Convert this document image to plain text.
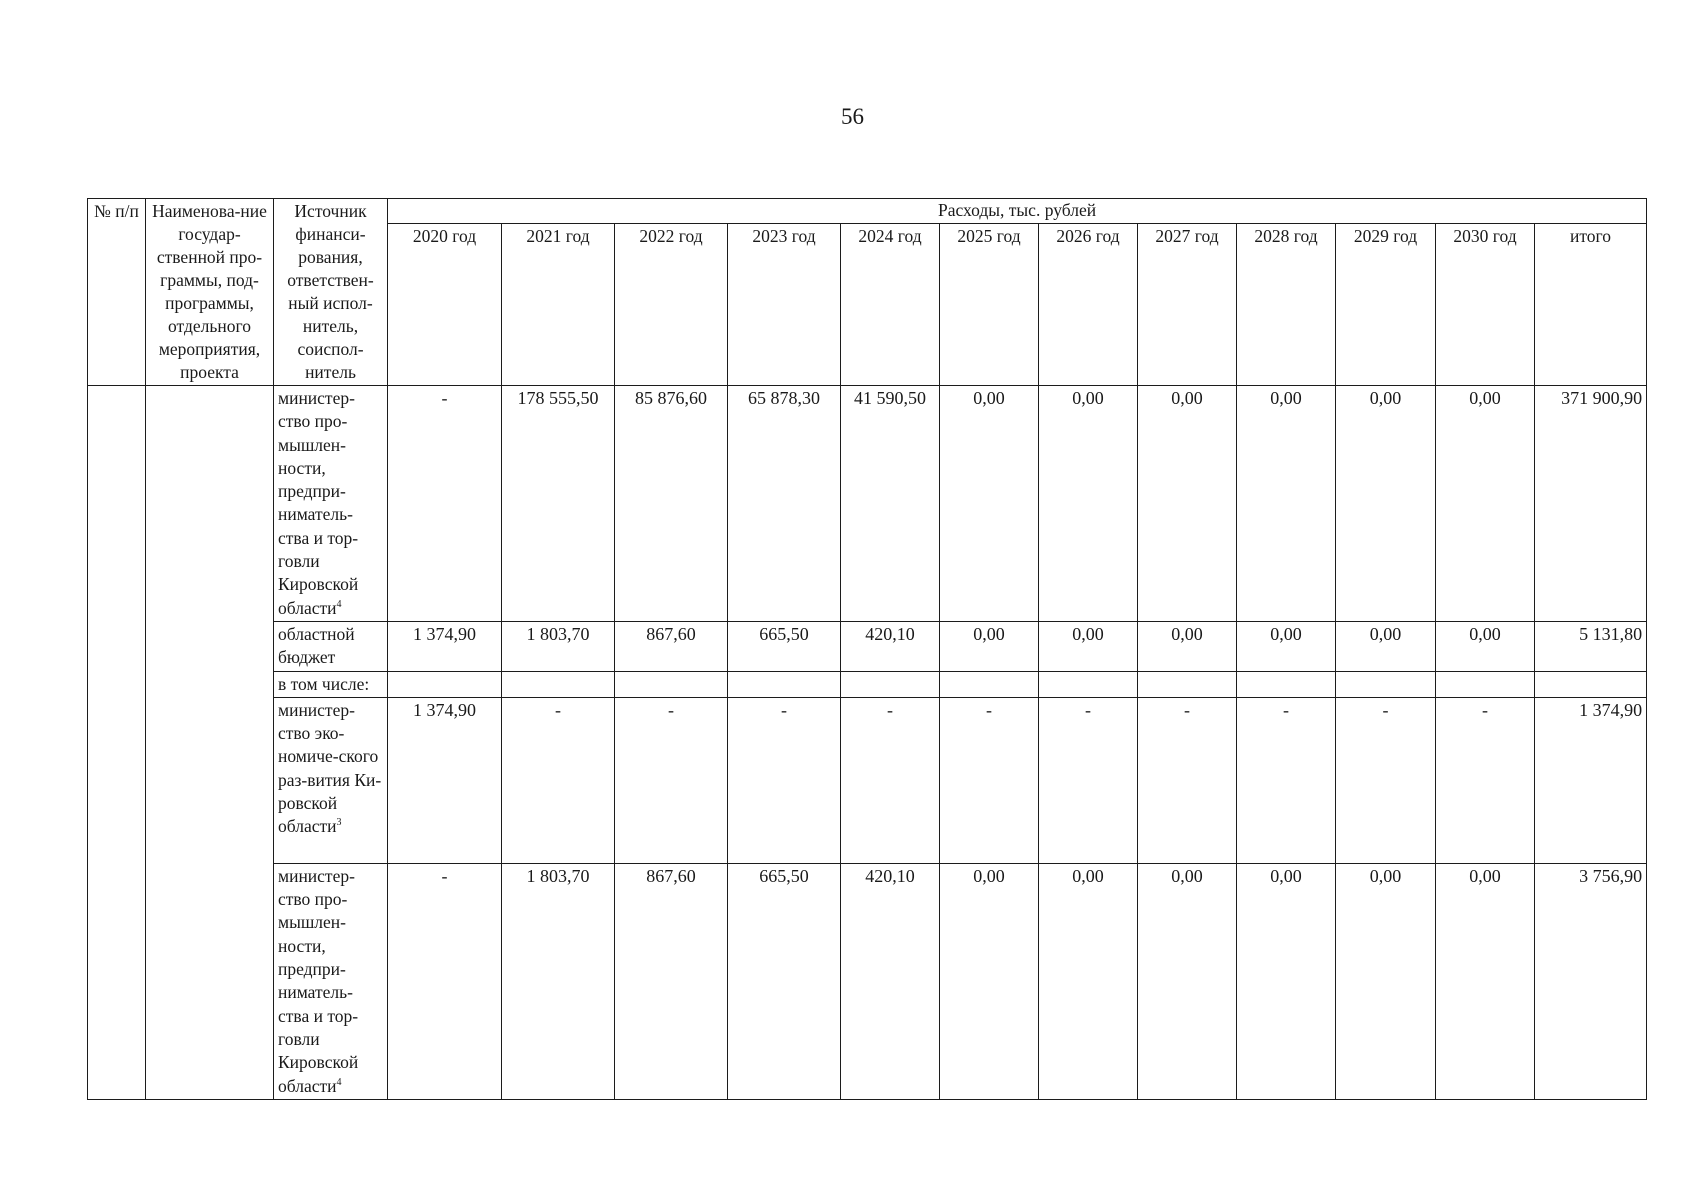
56
№ п/п	Наименова-ние государ-ственной про-граммы, под-программы, отдельного мероприятия, проекта	Источник финанси-рования, ответствен-ный испол-нитель, соиспол-нитель	Расходы, тыс. рублей											
			2020 год	2021 год	2022 год	2023 год	2024 год	2025 год	2026 год	2027 год	2028 год	2029 год	2030 год	итого
		министер-ство про-мышлен-ности, предпри-ниматель-ства и тор-говли Кировской области$^4$	-	178 555,50	85 876,60	65 878,30	41 590,50	0,00	0,00	0,00	0,00	0,00	0,00	371 900,90
		областной бюджет	1 374,90	1 803,70	867,60	665,50	420,10	0,00	0,00	0,00	0,00	0,00	0,00	5 131,80
		в том числе:												
		министер-ство эко-номиче-ского раз-вития Ки-ровской области$^3$	1 374,90	-	-	-	-	-	-	-	-	-	-	1 374,90
		министер-ство про-мышлен-ности, предпри-ниматель-ства и тор-говли Кировской области$^4$	-	1 803,70	867,60	665,50	420,10	0,00	0,00	0,00	0,00	0,00	0,00	3 756,90
